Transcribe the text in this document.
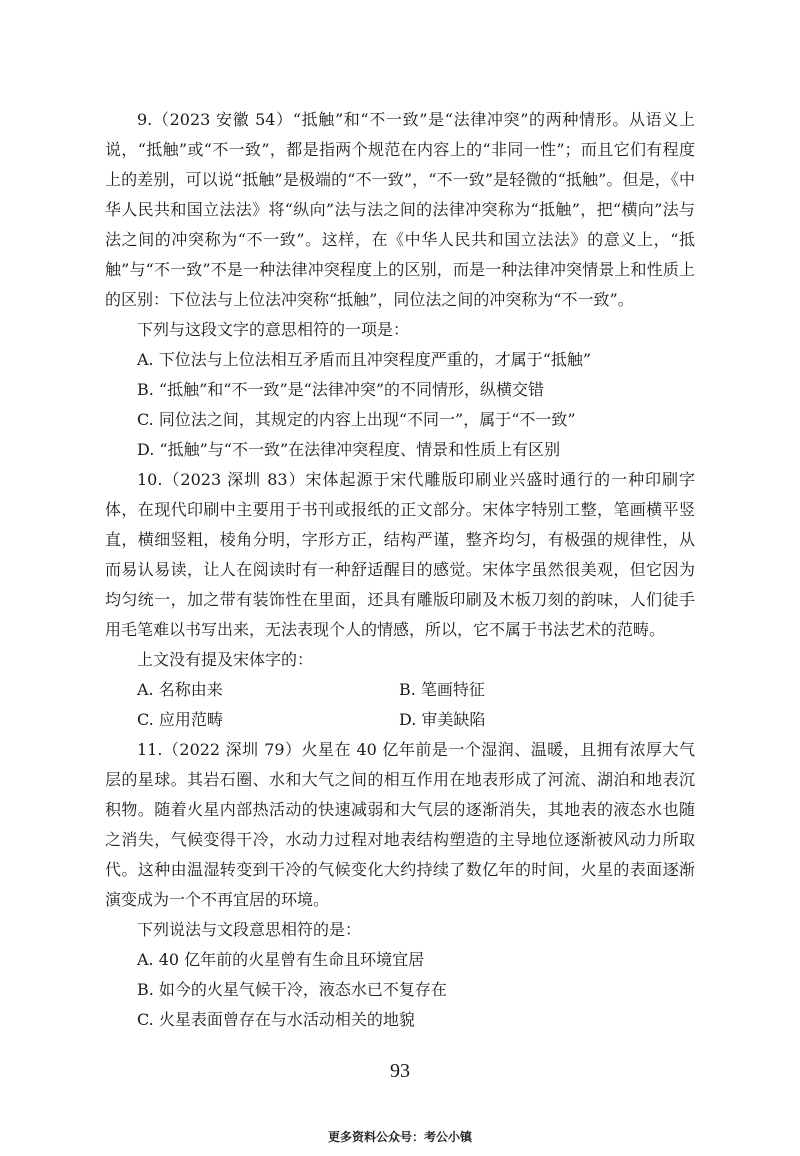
9.（2023 安徽 54）“抵触”和“不一致”是“法律冲突”的两种情形。从语义上说，“抵触”或“不一致”，都是指两个规范在内容上的“非同一性”；而且它们有程度上的差别，可以说“抵触”是极端的“不一致”，“不一致”是轻微的“抵触”。但是，《中华人民共和国立法法》将“纵向”法与法之间的法律冲突称为“抵触”，把“横向”法与法之间的冲突称为“不一致”。这样，在《中华人民共和国立法法》的意义上，“抵触”与“不一致”不是一种法律冲突程度上的区别，而是一种法律冲突情景上和性质上的区别：下位法与上位法冲突称“抵触”，同位法之间的冲突称为“不一致”。

下列与这段文字的意思相符的一项是：

A. 下位法与上位法相互矛盾而且冲突程度严重的，才属于“抵触”

B. “抵触”和“不一致”是“法律冲突”的不同情形，纵横交错

C. 同位法之间，其规定的内容上出现“不同一”，属于“不一致”

D. “抵触”与“不一致”在法律冲突程度、情景和性质上有区别

10.（2023 深圳 83）宋体起源于宋代雕版印刷业兴盛时通行的一种印刷字体，在现代印刷中主要用于书刊或报纸的正文部分。宋体字特别工整，笔画横平竖直，横细竖粗，棱角分明，字形方正，结构严谨，整齐均匀，有极强的规律性，从而易认易读，让人在阅读时有一种舒适醒目的感觉。宋体字虽然很美观，但它因为均匀统一，加之带有装饰性在里面，还具有雕版印刷及木板刀刻的韵味，人们徒手用毛笔难以书写出来，无法表现个人的情感，所以，它不属于书法艺术的范畴。

上文没有提及宋体字的：

A. 名称由来	B. 笔画特征
C. 应用范畴	D. 审美缺陷

11.（2022 深圳 79）火星在 40 亿年前是一个湿润、温暖，且拥有浓厚大气层的星球。其岩石圈、水和大气之间的相互作用在地表形成了河流、湖泊和地表沉积物。随着火星内部热活动的快速减弱和大气层的逐渐消失，其地表的液态水也随之消失，气候变得干冷，水动力过程对地表结构塑造的主导地位逐渐被风动力所取代。这种由温湿转变到干冷的气候变化大约持续了数亿年的时间，火星的表面逐渐演变成为一个不再宜居的环境。

下列说法与文段意思相符的是：

A. 40 亿年前的火星曾有生命且环境宜居

B. 如今的火星气候干冷，液态水已不复存在

C. 火星表面曾存在与水活动相关的地貌

93
更多资料公众号：考公小镇
